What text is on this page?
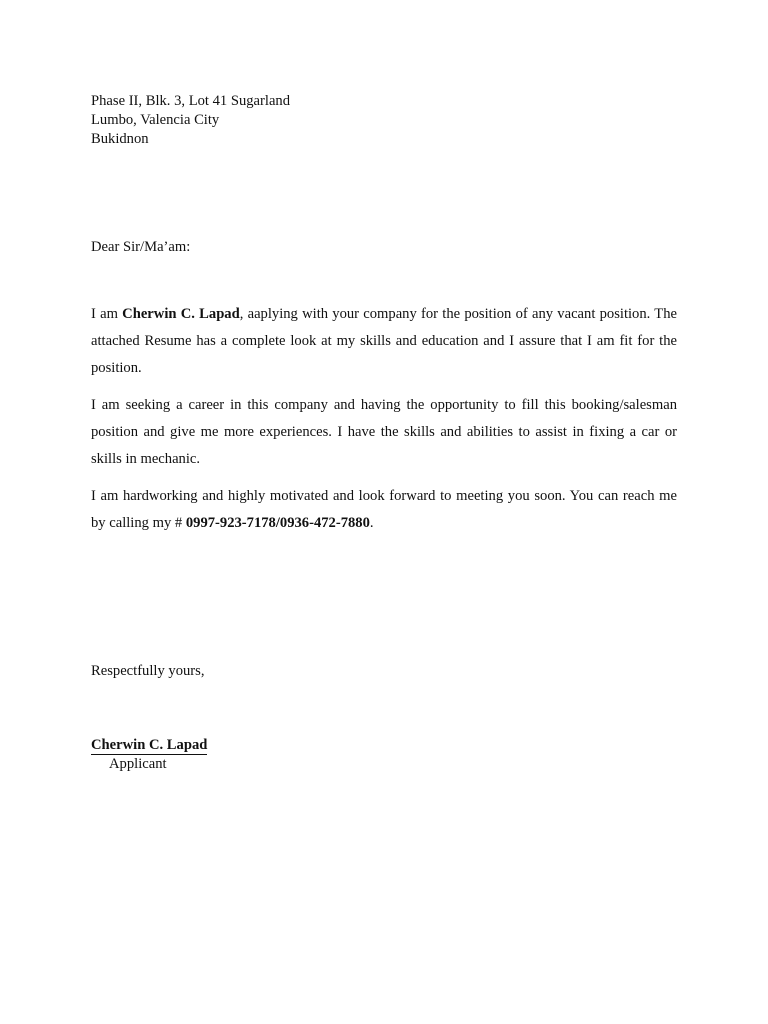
Phase II, Blk. 3, Lot 41 Sugarland
Lumbo, Valencia City
Bukidnon
Dear Sir/Ma’am:
I am Cherwin C. Lapad, aaplying with your company for the position of any vacant position. The
attached Resume has a complete look at my skills and education and I assure that I am fit for the
position.
I am seeking a career in this company and having the opportunity to fill this booking/salesman
position and give me more experiences. I have the skills and abilities to assist in fixing a car or
skills in mechanic.
I am hardworking and highly motivated and look forward to meeting you soon. You can reach me
by calling my # 0997-923-7178/0936-472-7880.
Respectfully yours,
Cherwin C. Lapad
Applicant
